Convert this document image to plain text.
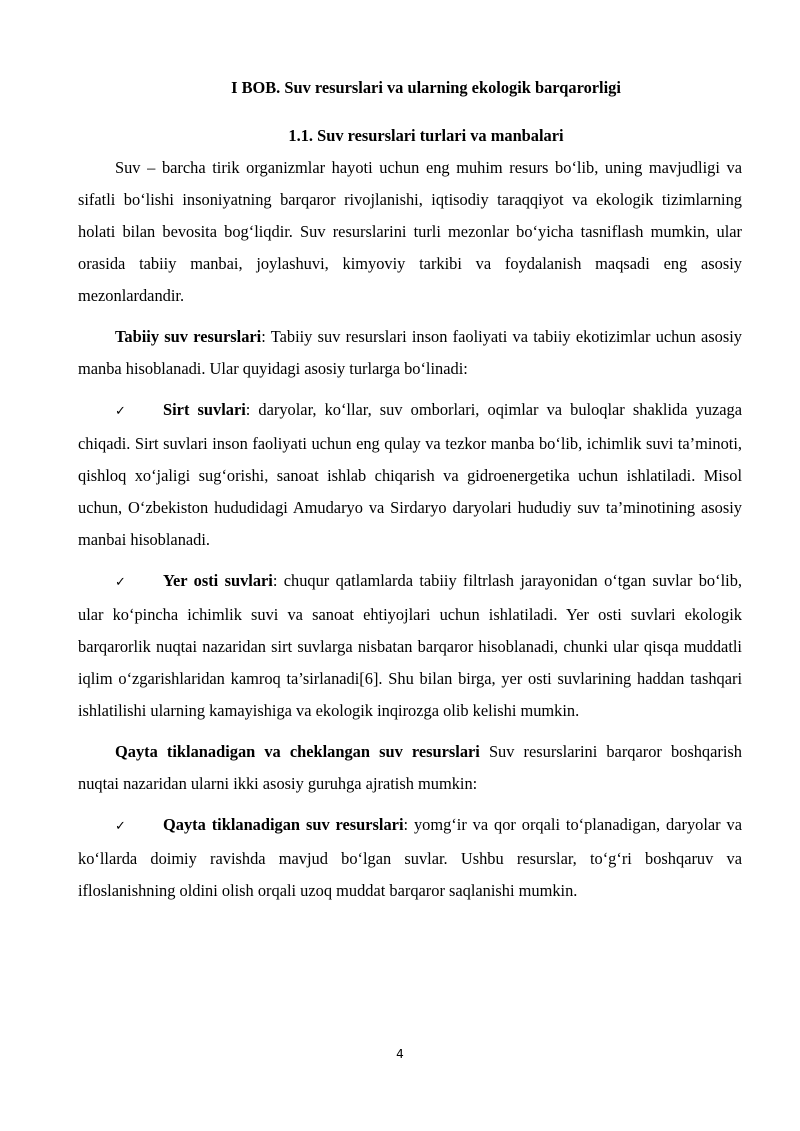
I BOB. Suv resurslari va ularning ekologik barqarorligi
1.1. Suv resurslari turlari va manbalari

Suv – barcha tirik organizmlar hayoti uchun eng muhim resurs bo‘lib, uning mavjudligi va sifatli bo‘lishi insoniyatning barqaror rivojlanishi, iqtisodiy taraqqiyot va ekologik tizimlarning holati bilan bevosita bog‘liqdir. Suv resurslarini turli mezonlar bo‘yicha tasniflash mumkin, ular orasida tabiiy manbai, joylashuvi, kimyoviy tarkibi va foydalanish maqsadi eng asosiy mezonlardandir.

Tabiiy suv resurslari: Tabiiy suv resurslari inson faoliyati va tabiiy ekotizimlar uchun asosiy manba hisoblanadi. Ular quyidagi asosiy turlarga bo‘linadi:

✓ Sirt suvlari: daryolar, ko‘llar, suv omborlari, oqimlar va buloqlar shaklida yuzaga chiqadi. Sirt suvlari inson faoliyati uchun eng qulay va tezkor manba bo‘lib, ichimlik suvi ta’minoti, qishloq xo‘jaligi sug‘orishi, sanoat ishlab chiqarish va gidroenergetika uchun ishlatiladi. Misol uchun, O‘zbekiston hududidagi Amudaryo va Sirdaryo daryolari hududiy suv ta’minotining asosiy manbai hisoblanadi.

✓ Yer osti suvlari: chuqur qatlamlarda tabiiy filtrlash jarayonidan o‘tgan suvlar bo‘lib, ular ko‘pincha ichimlik suvi va sanoat ehtiyojlari uchun ishlatiladi. Yer osti suvlari ekologik barqarorlik nuqtai nazaridan sirt suvlarga nisbatan barqaror hisoblanadi, chunki ular qisqa muddatli iqlim o‘zgarishlaridan kamroq ta’sirlanadi[6]. Shu bilan birga, yer osti suvlarining haddan tashqari ishlatilishi ularning kamayishiga va ekologik inqirozga olib kelishi mumkin.

Qayta tiklanadigan va cheklangan suv resurslari Suv resurslarini barqaror boshqarish nuqtai nazaridan ularni ikki asosiy guruhga ajratish mumkin:

✓ Qayta tiklanadigan suv resurslari: yomg‘ir va qor orqali to‘planadigan, daryolar va ko‘llarda doimiy ravishda mavjud bo‘lgan suvlar. Ushbu resurslar, to‘g‘ri boshqaruv va ifloslanishning oldini olish orqali uzoq muddat barqaror saqlanishi mumkin.

4
